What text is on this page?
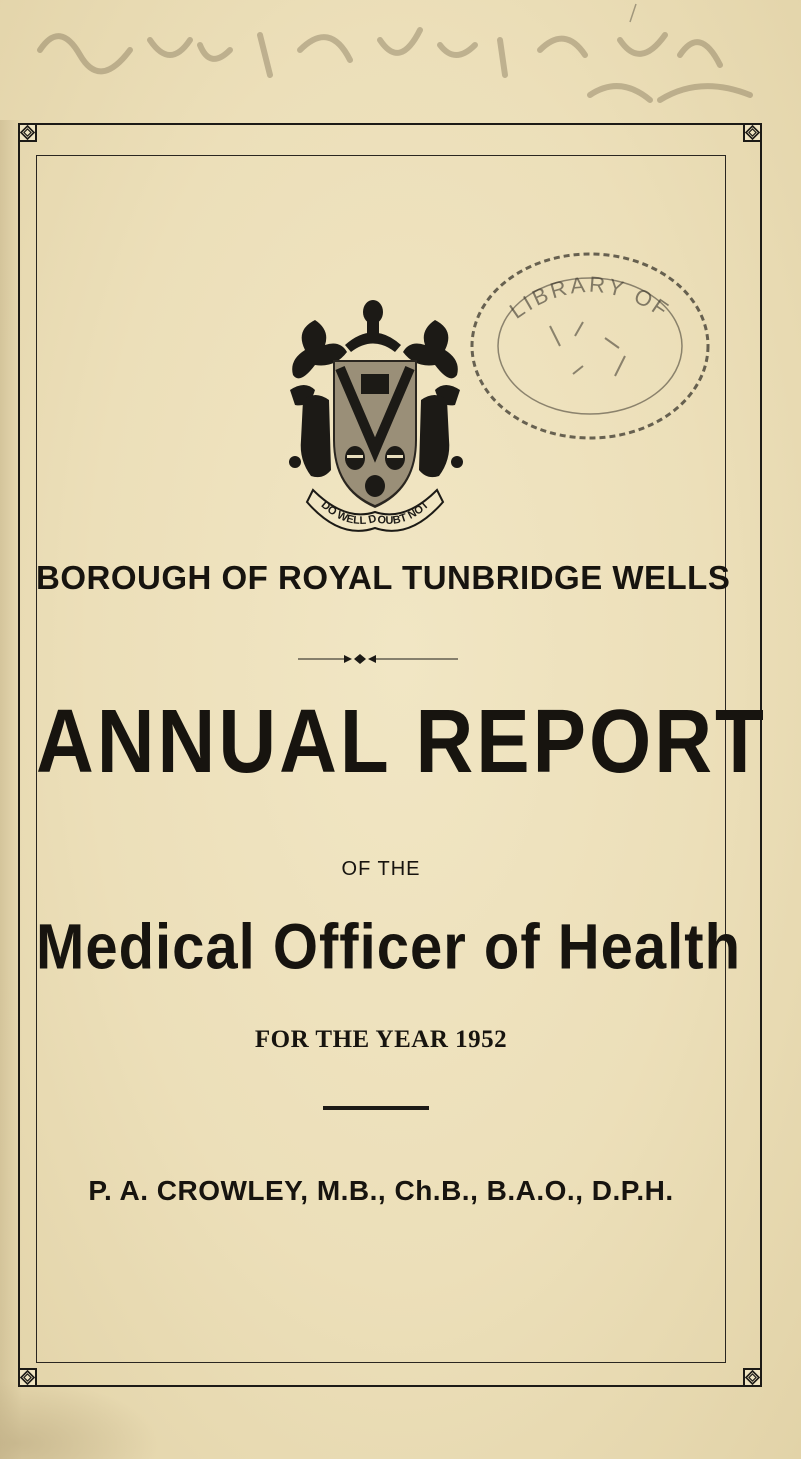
DO WELL DOUBT NOT
LIBRARY OF
BOROUGH OF ROYAL TUNBRIDGE WELLS
ANNUAL REPORT
OF THE
Medical Officer of Health
FOR THE YEAR 1952
P. A. CROWLEY, M.B., Ch.B., B.A.O., D.P.H.
